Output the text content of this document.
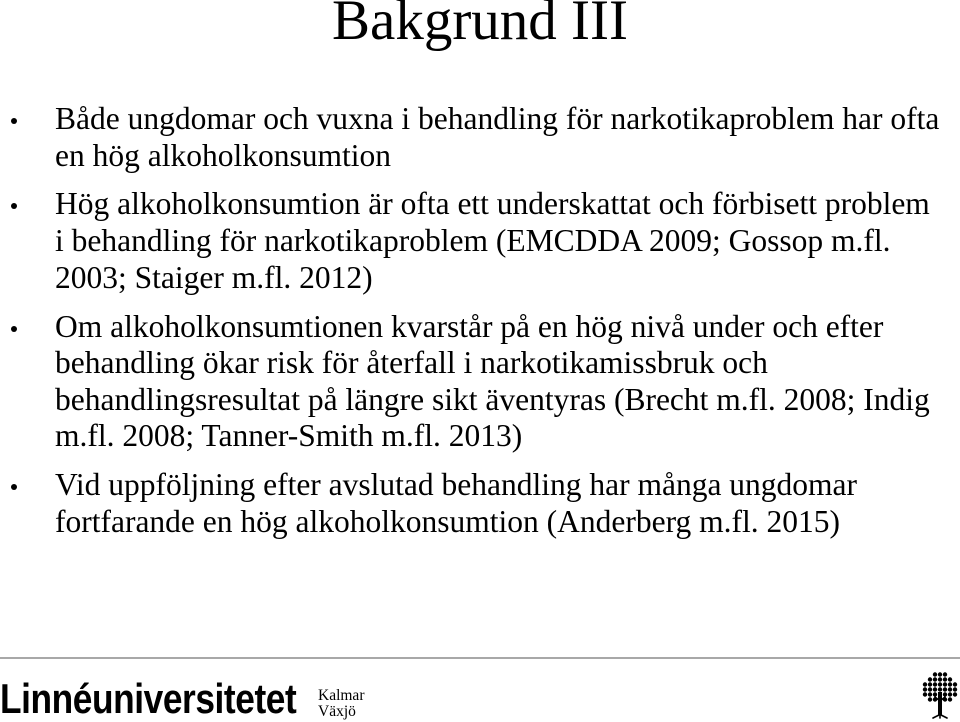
Bakgrund III
Både ungdomar och vuxna i behandling för narkotikaproblem har ofta
en hög alkoholkonsumtion
Hög alkoholkonsumtion är ofta ett underskattat och förbisett problem
i behandling för narkotikaproblem (EMCDDA 2009; Gossop m.fl.
2003; Staiger m.fl. 2012)
Om alkoholkonsumtionen kvarstår på en hög nivå under och efter
behandling ökar risk för återfall i narkotikamissbruk och
behandlingsresultat på längre sikt äventyras (Brecht m.fl. 2008; Indig
m.fl. 2008; Tanner-Smith m.fl. 2013)
Vid uppföljning efter avslutad behandling har många ungdomar
fortfarande en hög alkoholkonsumtion (Anderberg m.fl. 2015)
Linnéuniversitetet Kalmar
Växjö
